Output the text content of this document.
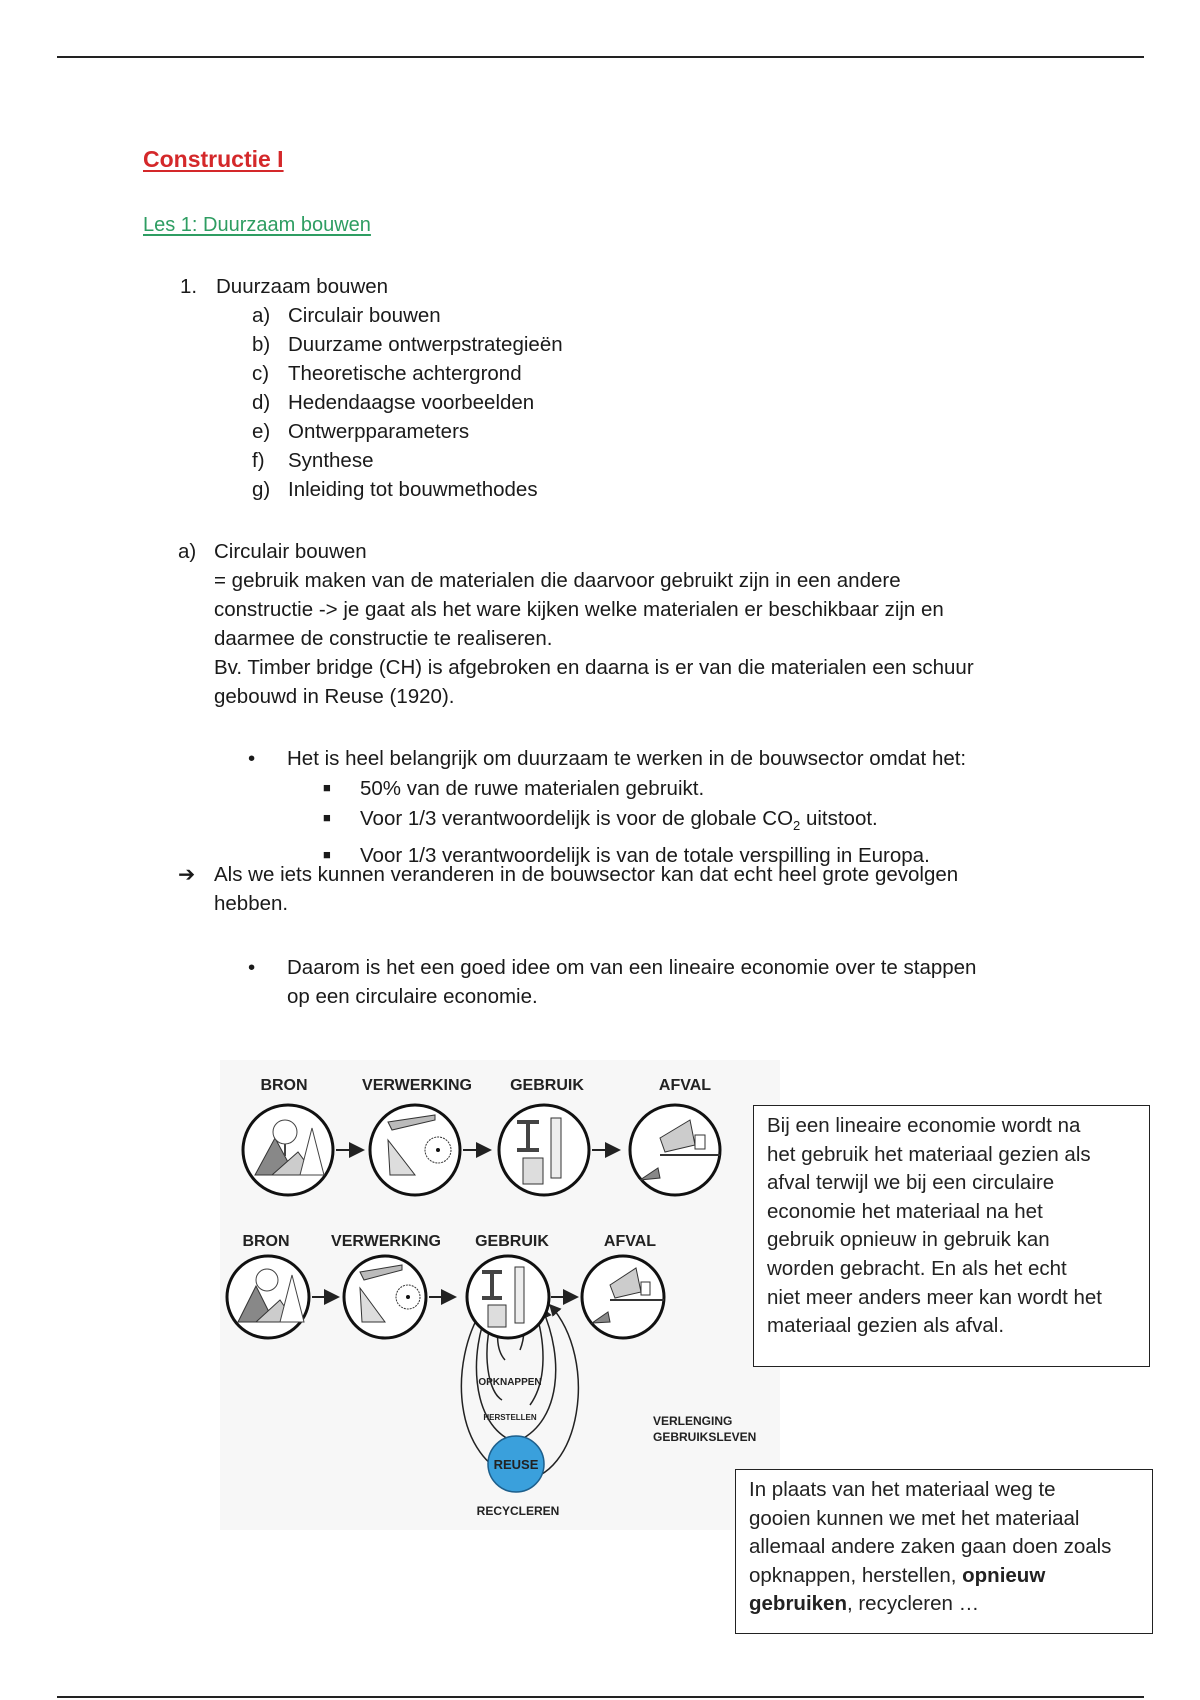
Constructie I
Les 1: Duurzaam bouwen
1. Duurzaam bouwen
a) Circulair bouwen
b) Duurzame ontwerpstrategieën
c) Theoretische achtergrond
d) Hedendaagse voorbeelden
e) Ontwerpparameters
f) Synthese
g) Inleiding tot bouwmethodes
a) Circulair bouwen
= gebruik maken van de materialen die daarvoor gebruikt zijn in een andere
constructie -> je gaat als het ware kijken welke materialen er beschikbaar zijn en
daarmee de constructie te realiseren.
Bv. Timber bridge (CH) is afgebroken en daarna is er van die materialen een schuur
gebouwd in Reuse (1920).
• Het is heel belangrijk om duurzaam te werken in de bouwsector omdat het:
■ 50% van de ruwe materialen gebruikt.
■ Voor 1/3 verantwoordelijk is voor de globale $CO_2$ uitstoot.
■ Voor 1/3 verantwoordelijk is van de totale verspilling in Europa.
➔ Als we iets kunnen veranderen in de bouwsector kan dat echt heel grote gevolgen
hebben.
• Daarom is het een goed idee om van een lineaire economie over te stappen
op een circulaire economie.
BRON	VERWERKING GEBRUIK	AFVAL
BRON	VERWERKING GEBRUIK	AFVAL
OPKNAPPEN
HERSTELLEN
REUSE
RECYCLEREN
VERLENGING
GEBRUIKSLEVEN
Bij een lineaire economie wordt na
het gebruik het materiaal gezien als
afval terwijl we bij een circulaire
economie het materiaal na het
gebruik opnieuw in gebruik kan
worden gebracht. En als het echt
niet meer anders meer kan wordt het
materiaal gezien als afval.
In plaats van het materiaal weg te
gooien kunnen we met het materiaal
allemaal andere zaken gaan doen zoals
opknappen, herstellen, opnieuw
gebruiken, recycleren …
